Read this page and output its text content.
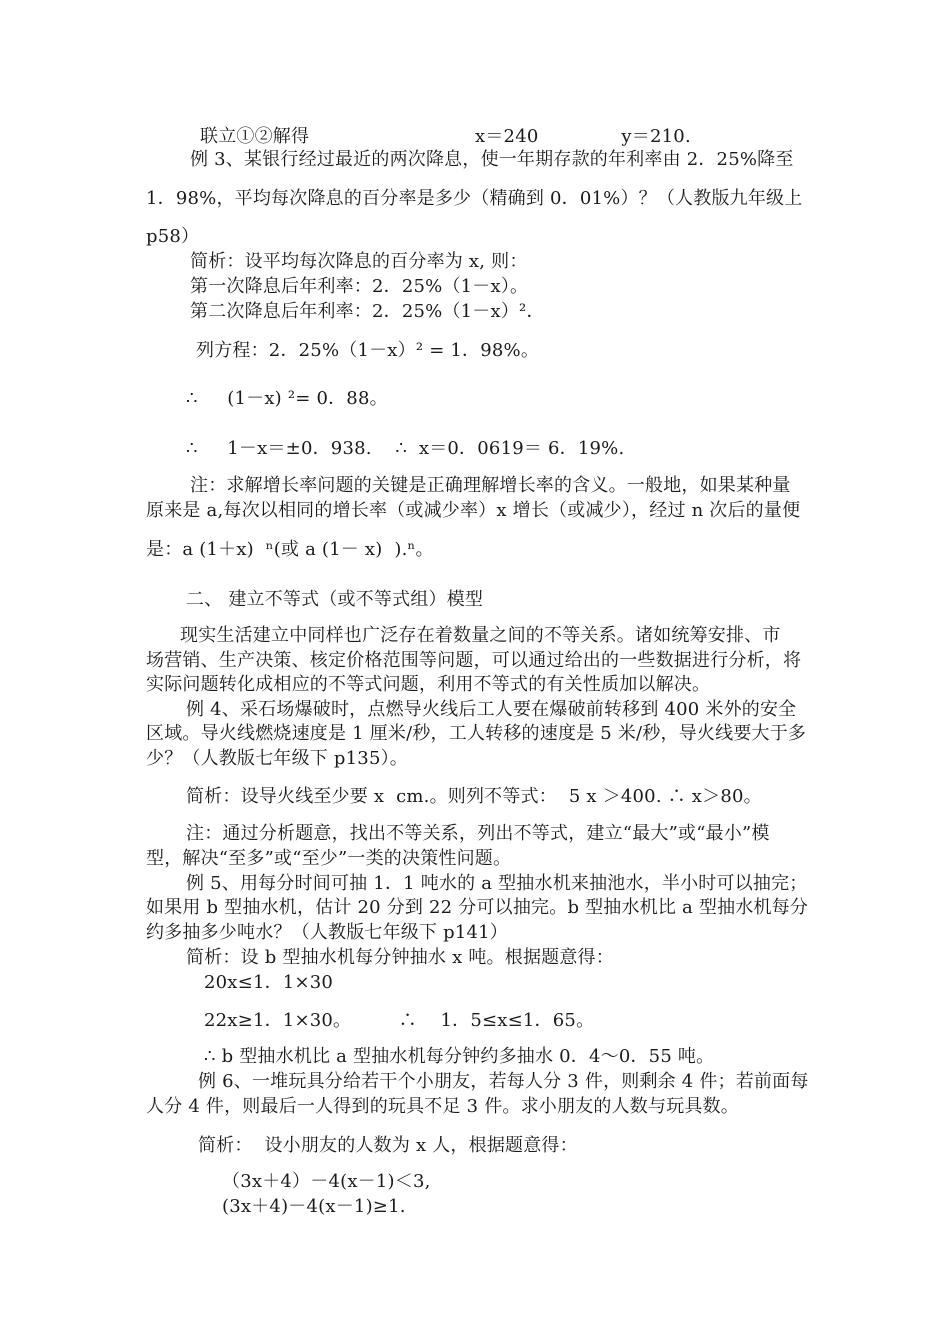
联立①②解得                            x＝240              y＝210.
例 3、某银行经过最近的两次降息，使一年期存款的年利率由 2．25%降至
1．98%，平均每次降息的百分率是多少（精确到 0．01%）？（人教版九年级上
p58）
简析：设平均每次降息的百分率为 x, 则：
第一次降息后年利率：2．25%（1－x）。
第二次降息后年利率：2．25%（1－x）²．
列方程：2．25%（1－x）² = 1．98%。
∴     (1－x) ²= 0．88。
∴     1－x＝±0．938.    ∴  x＝0．0619＝ 6．19%.
注：求解增长率问题的关键是正确理解增长率的含义。一般地，如果某种量
原来是 a,每次以相同的增长率（或减少率）x 增长（或减少），经过 n 次后的量便
是：a (1＋x)  ⁿ(或 a (1－ x)  ).ⁿ。
二、 建立不等式（或不等式组）模型
现实生活建立中同样也广泛存在着数量之间的不等关系。诸如统筹安排、市
场营销、生产决策、核定价格范围等问题，可以通过给出的一些数据进行分析，将
实际问题转化成相应的不等式问题，利用不等式的有关性质加以解决。
例 4、采石场爆破时，点燃导火线后工人要在爆破前转移到 400 米外的安全
区域。导火线燃烧速度是 1 厘米/秒，工人转移的速度是 5 米/秒，导火线要大于多
少？（人教版七年级下 p135）。
简析：设导火线至少要 x  cm.。则列不等式：  5 x ＞400. ∴ x＞80。
注：通过分析题意，找出不等关系，列出不等式，建立“最大”或“最小”模
型，解决“至多”或“至少”一类的决策性问题。
例 5、用每分时间可抽 1．1 吨水的 a 型抽水机来抽池水，半小时可以抽完；
如果用 b 型抽水机，估计 20 分到 22 分可以抽完。b 型抽水机比 a 型抽水机每分
约多抽多少吨水？（人教版七年级下 p141）
简析：设 b 型抽水机每分钟抽水 x 吨。根据题意得：
20x≤1．1×30
22x≥1．1×30。        ∴    1．5≤x≤1．65。
∴ b 型抽水机比 a 型抽水机每分钟约多抽水 0．4～0．55 吨。
例 6、一堆玩具分给若干个小朋友，若每人分 3 件，则剩余 4 件；若前面每
人分 4 件，则最后一人得到的玩具不足 3 件。求小朋友的人数与玩具数。
简析：  设小朋友的人数为 x 人，根据题意得：
（3x＋4）－4(x－1)＜3,
(3x＋4)－4(x－1)≥1.
